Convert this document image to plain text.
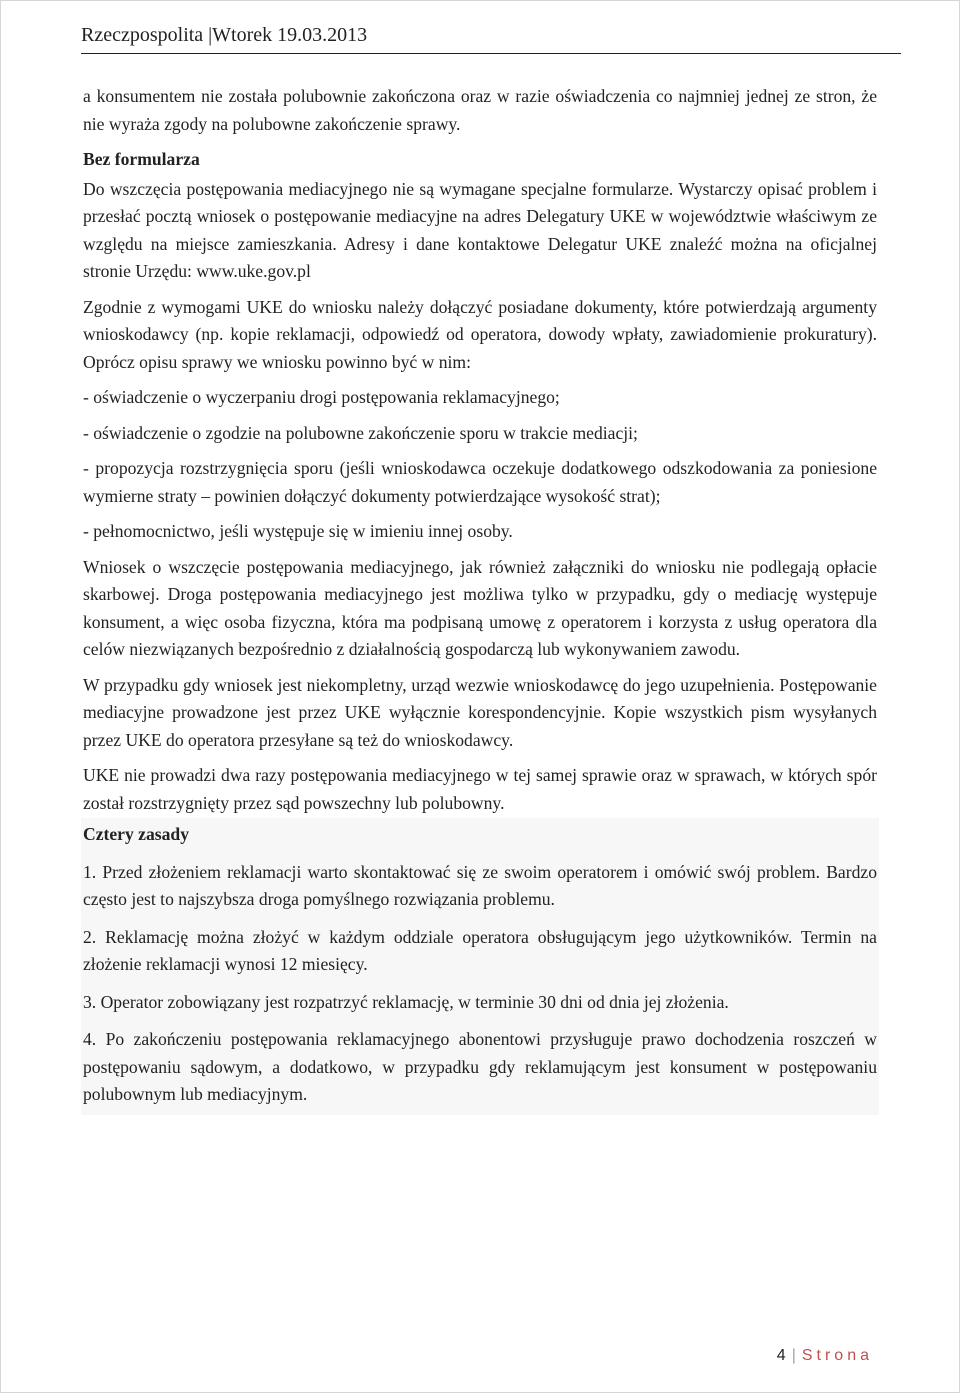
Rzeczpospolita |Wtorek 19.03.2013

a konsumentem nie została polubownie zakończona oraz w razie oświadczenia co najmniej jednej ze stron, że nie wyraża zgody na polubowne zakończenie sprawy.

Bez formularza

Do wszczęcia postępowania mediacyjnego nie są wymagane specjalne formularze. Wystarczy opisać problem i przesłać pocztą wniosek o postępowanie mediacyjne na adres Delegatury UKE w województwie właściwym ze względu na miejsce zamieszkania. Adresy i dane kontaktowe Delegatur UKE znaleźć można na oficjalnej stronie Urzędu: www.uke.gov.pl

Zgodnie z wymogami UKE do wniosku należy dołączyć posiadane dokumenty, które potwierdzają argumenty wnioskodawcy (np. kopie reklamacji, odpowiedź od operatora, dowody wpłaty, zawiadomienie prokuratury). Oprócz opisu sprawy we wniosku powinno być w nim:

- oświadczenie o wyczerpaniu drogi postępowania reklamacyjnego;

- oświadczenie o zgodzie na polubowne zakończenie sporu w trakcie mediacji;

- propozycja rozstrzygnięcia sporu (jeśli wnioskodawca oczekuje dodatkowego odszkodowania za poniesione wymierne straty – powinien dołączyć dokumenty potwierdzające wysokość strat);

- pełnomocnictwo, jeśli występuje się w imieniu innej osoby.

Wniosek o wszczęcie postępowania mediacyjnego, jak również załączniki do wniosku nie podlegają opłacie skarbowej. Droga postępowania mediacyjnego jest możliwa tylko w przypadku, gdy o mediację występuje konsument, a więc osoba fizyczna, która ma podpisaną umowę z operatorem i korzysta z usług operatora dla celów niezwiązanych bezpośrednio z działalnością gospodarczą lub wykonywaniem zawodu.

W przypadku gdy wniosek jest niekompletny, urząd wezwie wnioskodawcę do jego uzupełnienia. Postępowanie mediacyjne prowadzone jest przez UKE wyłącznie korespondencyjnie. Kopie wszystkich pism wysyłanych przez UKE do operatora przesyłane są też do wnioskodawcy.

UKE nie prowadzi dwa razy postępowania mediacyjnego w tej samej sprawie oraz w sprawach, w których spór został rozstrzygnięty przez sąd powszechny lub polubowny.

Cztery zasady

1. Przed złożeniem reklamacji warto skontaktować się ze swoim operatorem i omówić swój problem. Bardzo często jest to najszybsza droga pomyślnego rozwiązania problemu.

2. Reklamację można złożyć w każdym oddziale operatora obsługującym jego użytkowników. Termin na złożenie reklamacji wynosi 12 miesięcy.

3. Operator zobowiązany jest rozpatrzyć reklamację, w terminie 30 dni od dnia jej złożenia.

4. Po zakończeniu postępowania reklamacyjnego abonentowi przysługuje prawo dochodzenia roszczeń w postępowaniu sądowym, a dodatkowo, w przypadku gdy reklamującym jest konsument w postępowaniu polubownym lub mediacyjnym.

4 | Strona
